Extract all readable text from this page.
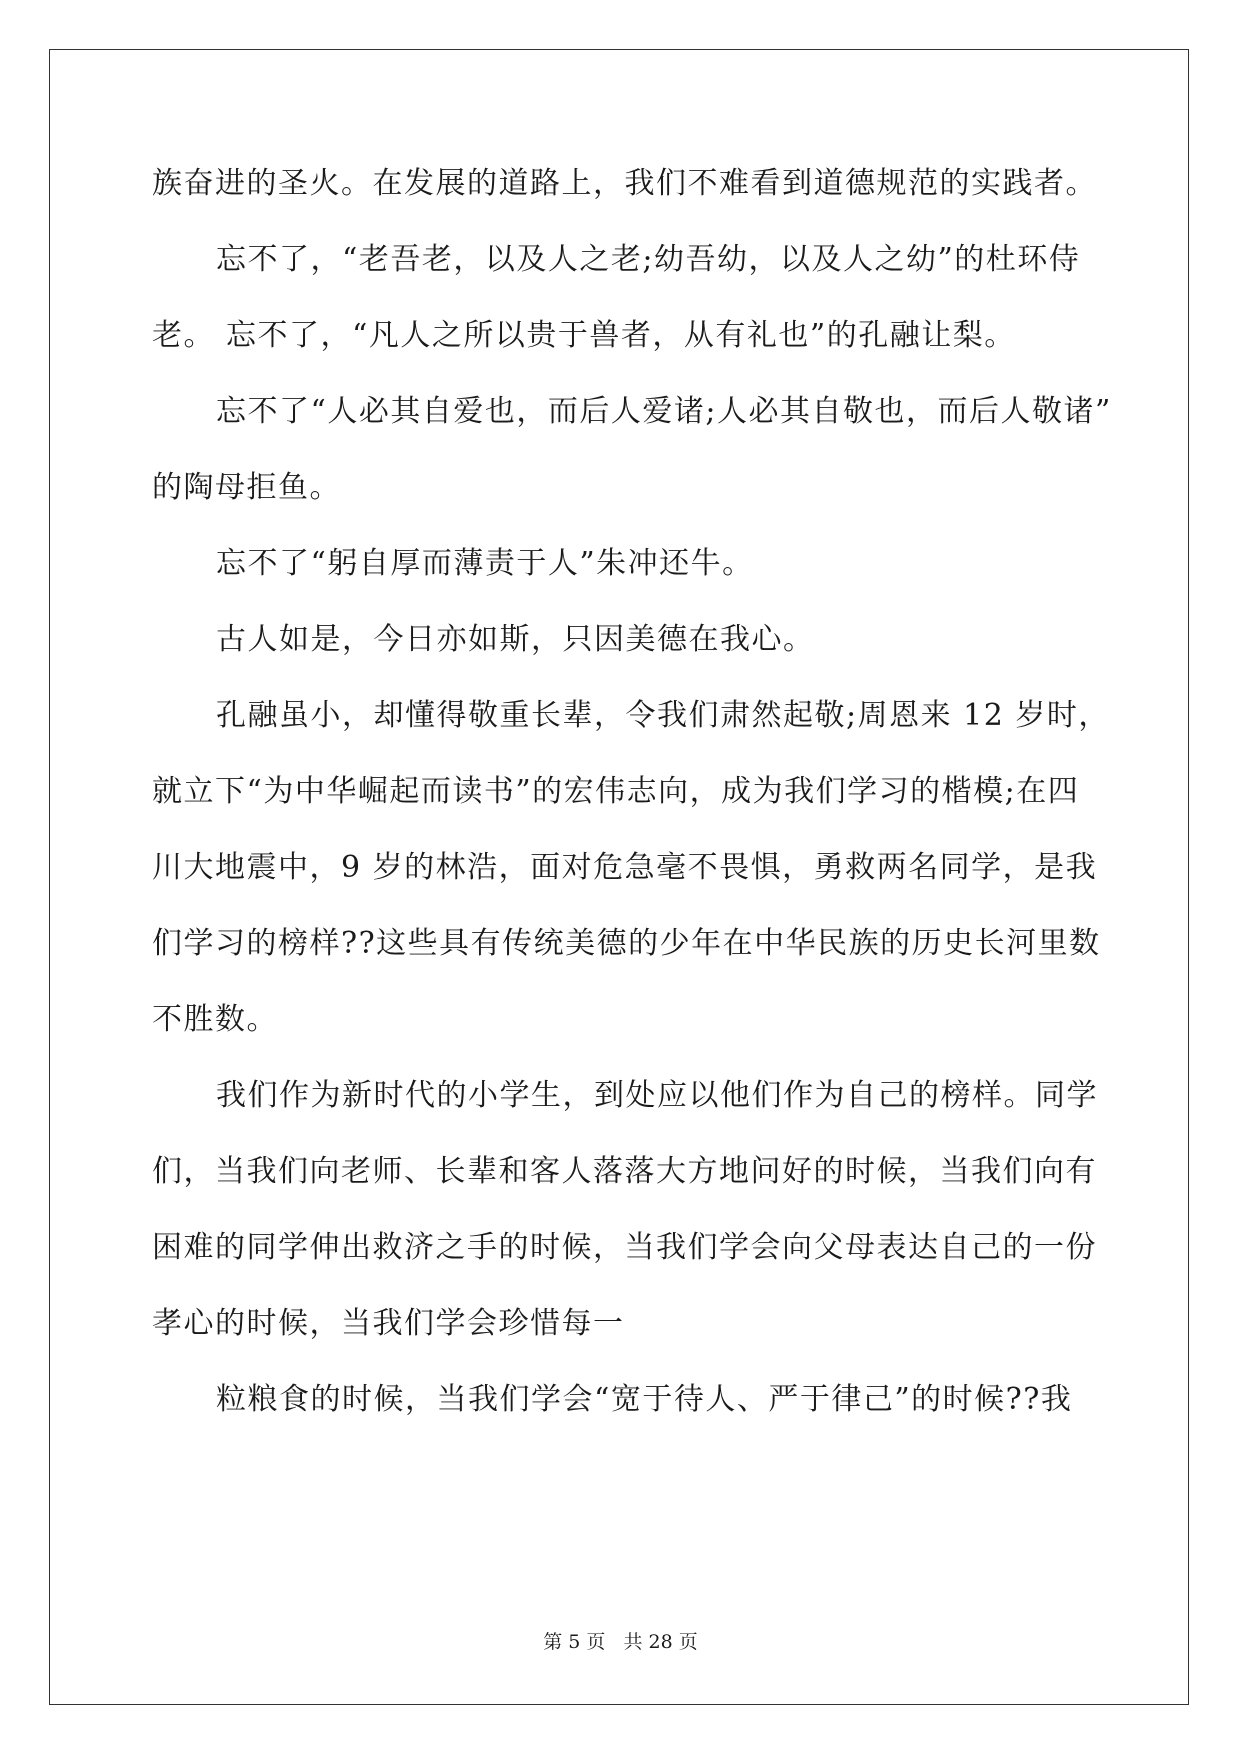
族奋进的圣火。在发展的道路上，我们不难看到道德规范的实践者。
忘不了，“老吾老，以及人之老;幼吾幼，以及人之幼”的杜环侍
老。 忘不了，“凡人之所以贵于兽者，从有礼也”的孔融让梨。
忘不了“人必其自爱也，而后人爱诸;人必其自敬也，而后人敬诸”
的陶母拒鱼。
忘不了“躬自厚而薄责于人”朱冲还牛。
古人如是，今日亦如斯，只因美德在我心。
孔融虽小，却懂得敬重长辈，令我们肃然起敬;周恩来 12 岁时，
就立下“为中华崛起而读书”的宏伟志向，成为我们学习的楷模;在四
川大地震中，9 岁的林浩，面对危急毫不畏惧，勇救两名同学，是我
们学习的榜样??这些具有传统美德的少年在中华民族的历史长河里数
不胜数。
我们作为新时代的小学生，到处应以他们作为自己的榜样。同学
们，当我们向老师、长辈和客人落落大方地问好的时候，当我们向有
困难的同学伸出救济之手的时候，当我们学会向父母表达自己的一份
孝心的时候，当我们学会珍惜每一
粒粮食的时候，当我们学会“宽于待人、严于律己”的时候??我
第 5 页 共 28 页
